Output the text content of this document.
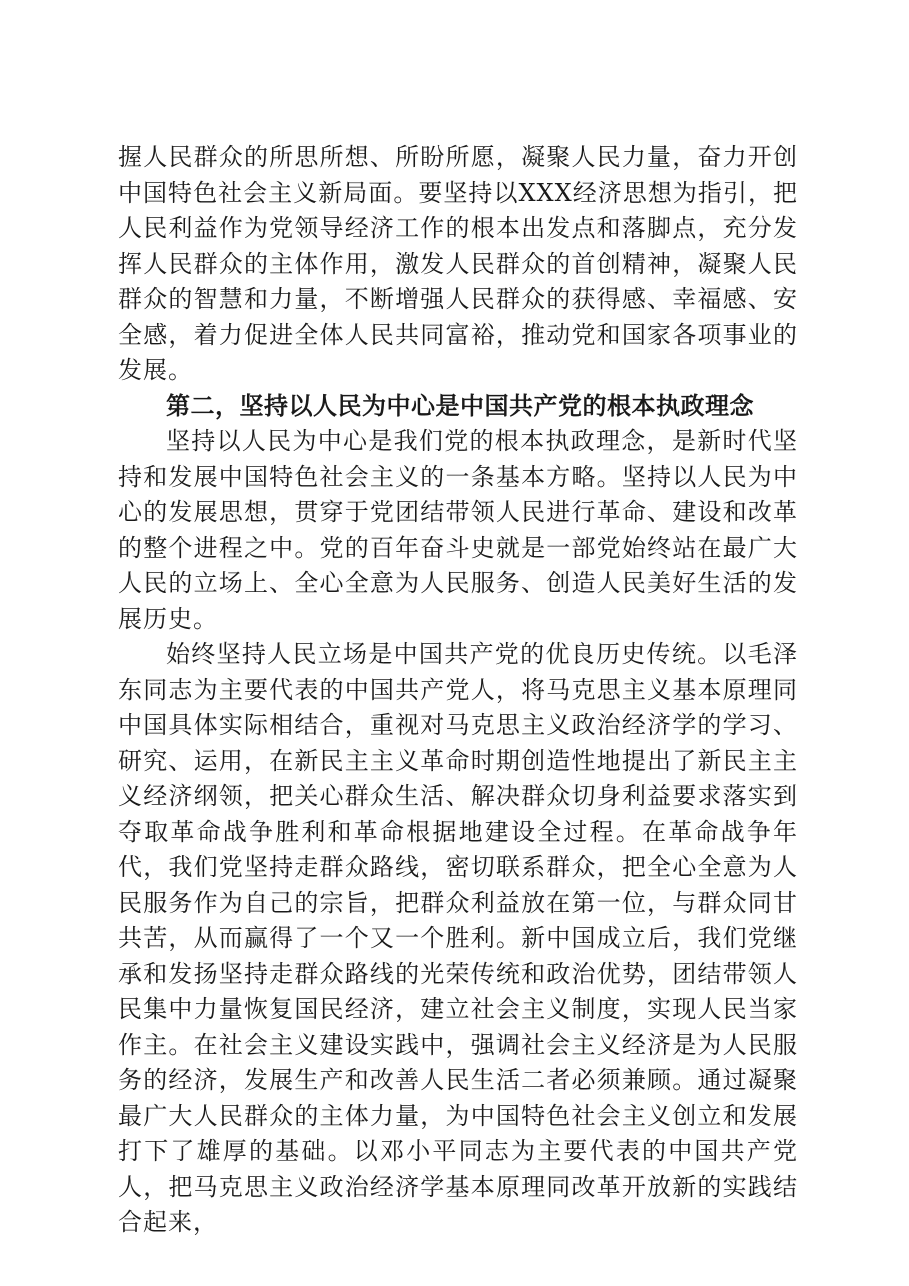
握人民群众的所思所想、所盼所愿，凝聚人民力量，奋力开创中国特色社会主义新局面。要坚持以XXX经济思想为指引，把人民利益作为党领导经济工作的根本出发点和落脚点，充分发挥人民群众的主体作用，激发人民群众的首创精神，凝聚人民群众的智慧和力量，不断增强人民群众的获得感、幸福感、安全感，着力促进全体人民共同富裕，推动党和国家各项事业的发展。

第二，坚持以人民为中心是中国共产党的根本执政理念

坚持以人民为中心是我们党的根本执政理念，是新时代坚持和发展中国特色社会主义的一条基本方略。坚持以人民为中心的发展思想，贯穿于党团结带领人民进行革命、建设和改革的整个进程之中。党的百年奋斗史就是一部党始终站在最广大人民的立场上、全心全意为人民服务、创造人民美好生活的发展历史。

始终坚持人民立场是中国共产党的优良历史传统。以毛泽东同志为主要代表的中国共产党人，将马克思主义基本原理同中国具体实际相结合，重视对马克思主义政治经济学的学习、研究、运用，在新民主主义革命时期创造性地提出了新民主主义经济纲领，把关心群众生活、解决群众切身利益要求落实到夺取革命战争胜利和革命根据地建设全过程。在革命战争年代，我们党坚持走群众路线，密切联系群众，把全心全意为人民服务作为自己的宗旨，把群众利益放在第一位，与群众同甘共苦，从而赢得了一个又一个胜利。新中国成立后，我们党继承和发扬坚持走群众路线的光荣传统和政治优势，团结带领人民集中力量恢复国民经济，建立社会主义制度，实现人民当家作主。在社会主义建设实践中，强调社会主义经济是为人民服务的经济，发展生产和改善人民生活二者必须兼顾。通过凝聚最广大人民群众的主体力量，为中国特色社会主义创立和发展打下了雄厚的基础。以邓小平同志为主要代表的中国共产党人，把马克思主义政治经济学基本原理同改革开放新的实践结合起来，
